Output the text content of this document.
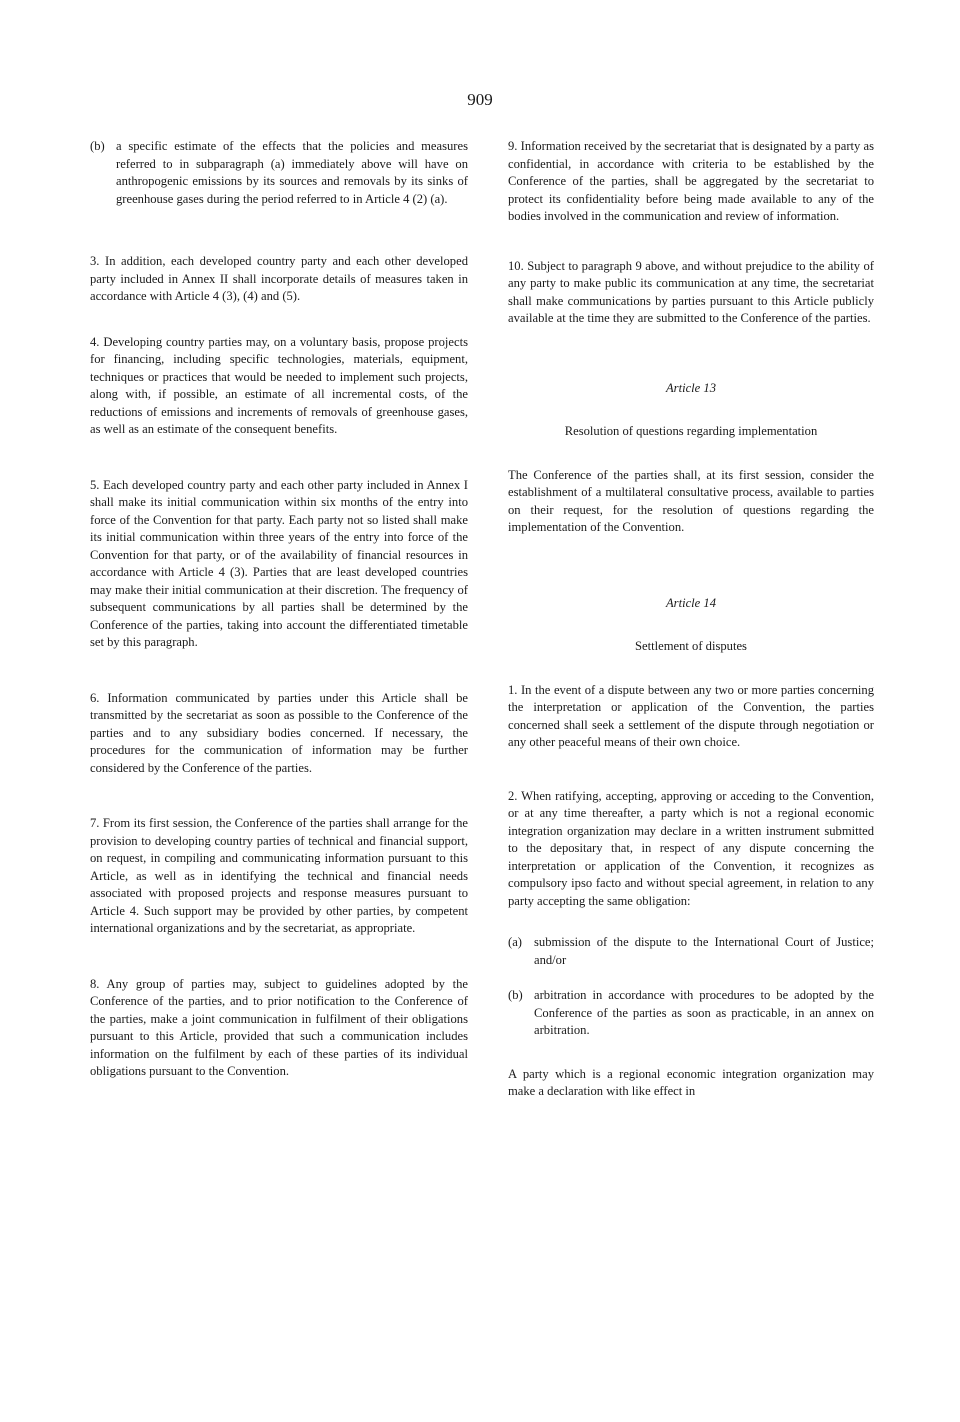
909
(b) a specific estimate of the effects that the policies and measures referred to in subparagraph (a) immediately above will have on anthropogenic emissions by its sources and removals by its sinks of greenhouse gases during the period referred to in Article 4 (2) (a).

3. In addition, each developed country party and each other developed party included in Annex II shall incorporate details of measures taken in accordance with Article 4 (3), (4) and (5).

4. Developing country parties may, on a voluntary basis, propose projects for financing, including specific technologies, materials, equipment, techniques or practices that would be needed to implement such projects, along with, if possible, an estimate of all incremental costs, of the reductions of emissions and increments of removals of greenhouse gases, as well as an estimate of the consequent benefits.

5. Each developed country party and each other party included in Annex I shall make its initial communication within six months of the entry into force of the Convention for that party. Each party not so listed shall make its initial communication within three years of the entry into force of the Convention for that party, or of the availability of financial resources in accordance with Article 4 (3). Parties that are least developed countries may make their initial communication at their discretion. The frequency of subsequent communications by all parties shall be determined by the Conference of the parties, taking into account the differentiated timetable set by this paragraph.

6. Information communicated by parties under this Article shall be transmitted by the secretariat as soon as possible to the Conference of the parties and to any subsidiary bodies concerned. If necessary, the procedures for the communication of information may be further considered by the Conference of the parties.

7. From its first session, the Conference of the parties shall arrange for the provision to developing country parties of technical and financial support, on request, in compiling and communicating information pursuant to this Article, as well as in identifying the technical and financial needs associated with proposed projects and response measures pursuant to Article 4. Such support may be provided by other parties, by competent international organizations and by the secretariat, as appropriate.

8. Any group of parties may, subject to guidelines adopted by the Conference of the parties, and to prior notification to the Conference of the parties, make a joint communication in fulfilment of their obligations pursuant to this Article, provided that such a communication includes information on the fulfilment by each of these parties of its individual obligations pursuant to the Convention.

9. Information received by the secretariat that is designated by a party as confidential, in accordance with criteria to be established by the Conference of the parties, shall be aggregated by the secretariat to protect its confidentiality before being made available to any of the bodies involved in the communication and review of information.

10. Subject to paragraph 9 above, and without prejudice to the ability of any party to make public its communication at any time, the secretariat shall make communications by parties pursuant to this Article publicly available at the time they are submitted to the Conference of the parties.

Article 13

Resolution of questions regarding implementation

The Conference of the parties shall, at its first session, consider the establishment of a multilateral consultative process, available to parties on their request, for the resolution of questions regarding the implementation of the Convention.

Article 14

Settlement of disputes

1. In the event of a dispute between any two or more parties concerning the interpretation or application of the Convention, the parties concerned shall seek a settlement of the dispute through negotiation or any other peaceful means of their own choice.

2. When ratifying, accepting, approving or acceding to the Convention, or at any time thereafter, a party which is not a regional economic integration organization may declare in a written instrument submitted to the depositary that, in respect of any dispute concerning the interpretation or application of the Convention, it recognizes as compulsory ipso facto and without special agreement, in relation to any party accepting the same obligation:

(a) submission of the dispute to the International Court of Justice; and/or
(b) arbitration in accordance with procedures to be adopted by the Conference of the parties as soon as practicable, in an annex on arbitration.

A party which is a regional economic integration organization may make a declaration with like effect in
